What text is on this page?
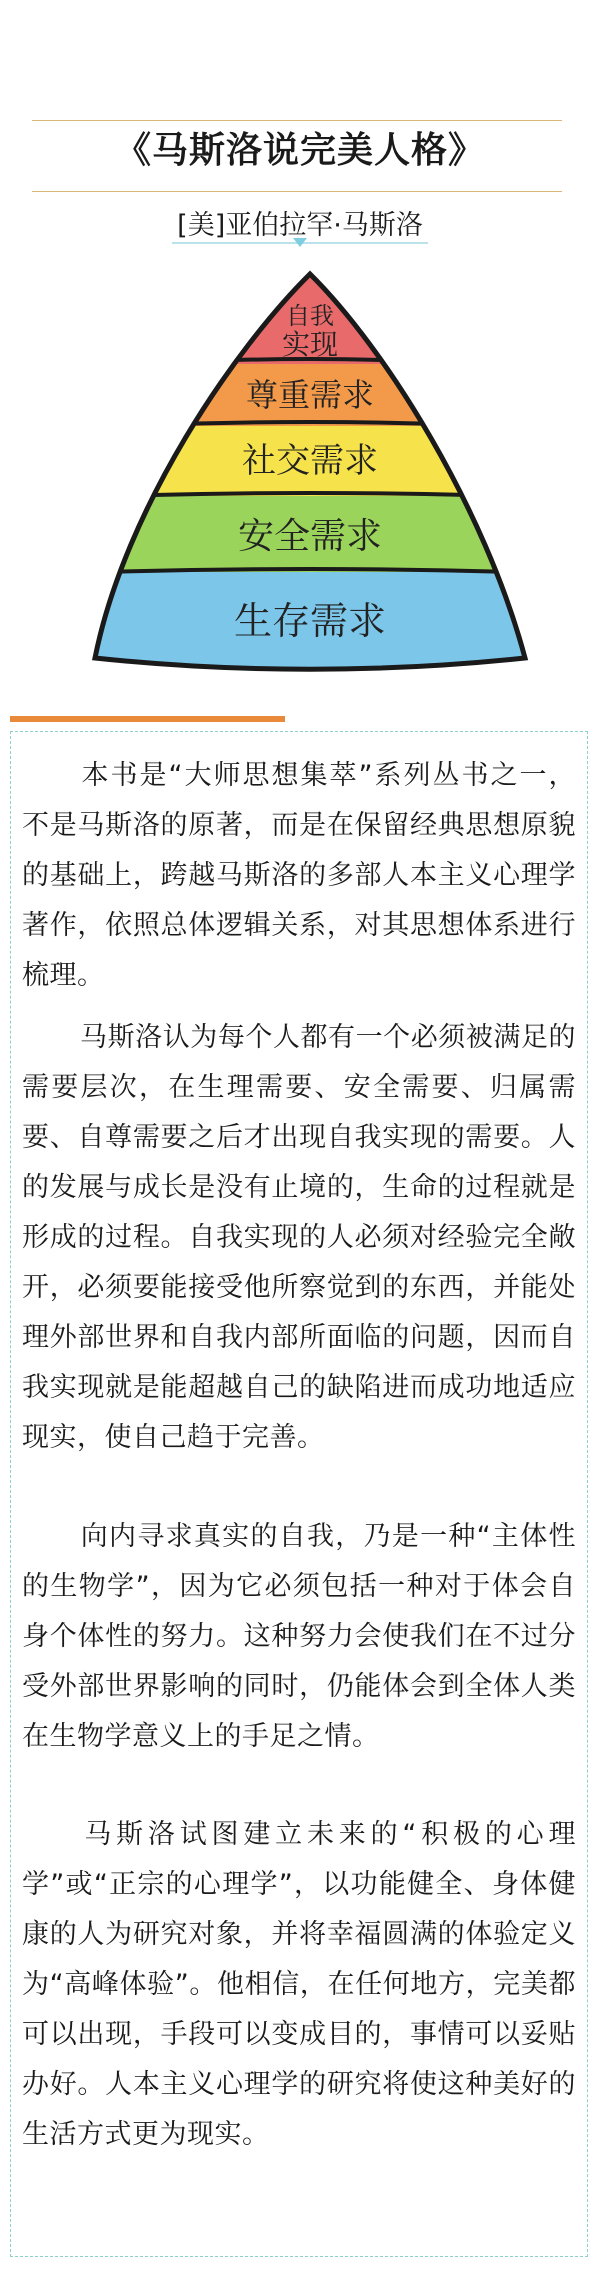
《马斯洛说完美人格》
[美]亚伯拉罕·马斯洛
自我
实现
尊重需求
社交需求
安全需求
生存需求

本书是“大师思想集萃”系列丛书之一，不是马斯洛的原著，而是在保留经典思想原貌的基础上，跨越马斯洛的多部人本主义心理学著作，依照总体逻辑关系，对其思想体系进行梳理。

马斯洛认为每个人都有一个必须被满足的需要层次，在生理需要、安全需要、归属需要、自尊需要之后才出现自我实现的需要。人的发展与成长是没有止境的，生命的过程就是形成的过程。自我实现的人必须对经验完全敞开，必须要能接受他所察觉到的东西，并能处理外部世界和自我内部所面临的问题，因而自我实现就是能超越自己的缺陷进而成功地适应现实，使自己趋于完善。

向内寻求真实的自我，乃是一种“主体性的生物学”，因为它必须包括一种对于体会自身个体性的努力。这种努力会使我们在不过分受外部世界影响的同时，仍能体会到全体人类在生物学意义上的手足之情。

马斯洛试图建立未来的“积极的心理学”或“正宗的心理学”，以功能健全、身体健康的人为研究对象，并将幸福圆满的体验定义为“高峰体验”。他相信，在任何地方，完美都可以出现，手段可以变成目的，事情可以妥贴办好。人本主义心理学的研究将使这种美好的生活方式更为现实。
